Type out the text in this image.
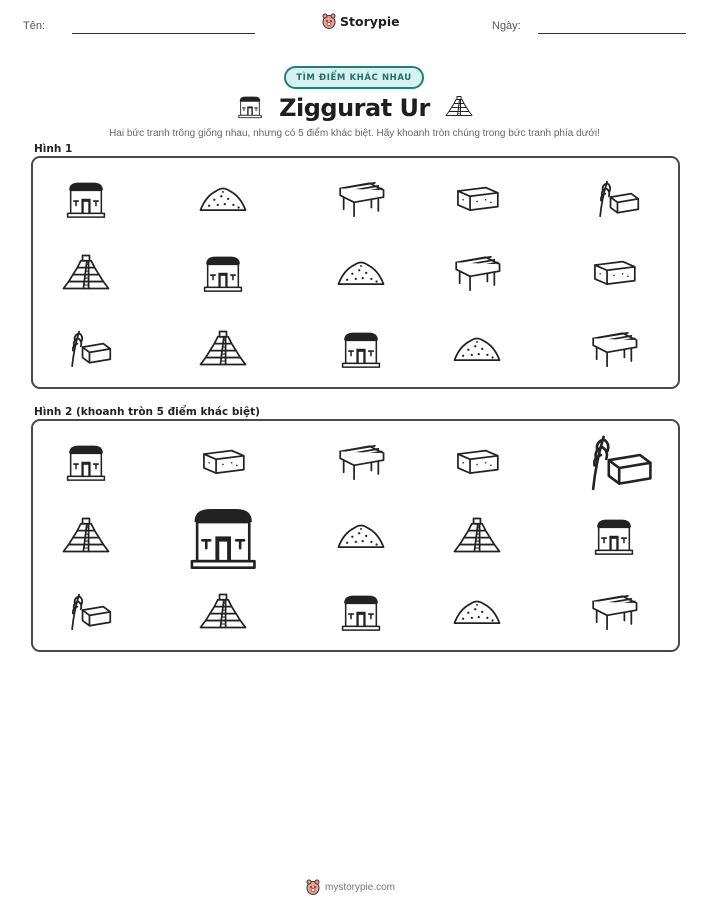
Tên:	Storypie	Ngày:
TÌM ĐIỂM KHÁC NHAU
Ziggurat Ur
Hai bức tranh trông giống nhau, nhưng có 5 điểm khác biệt. Hãy khoanh tròn chúng trong bức tranh phía dưới!
Hình 1
Hình 2 (khoanh tròn 5 điểm khác biệt)
mystorypie.com
